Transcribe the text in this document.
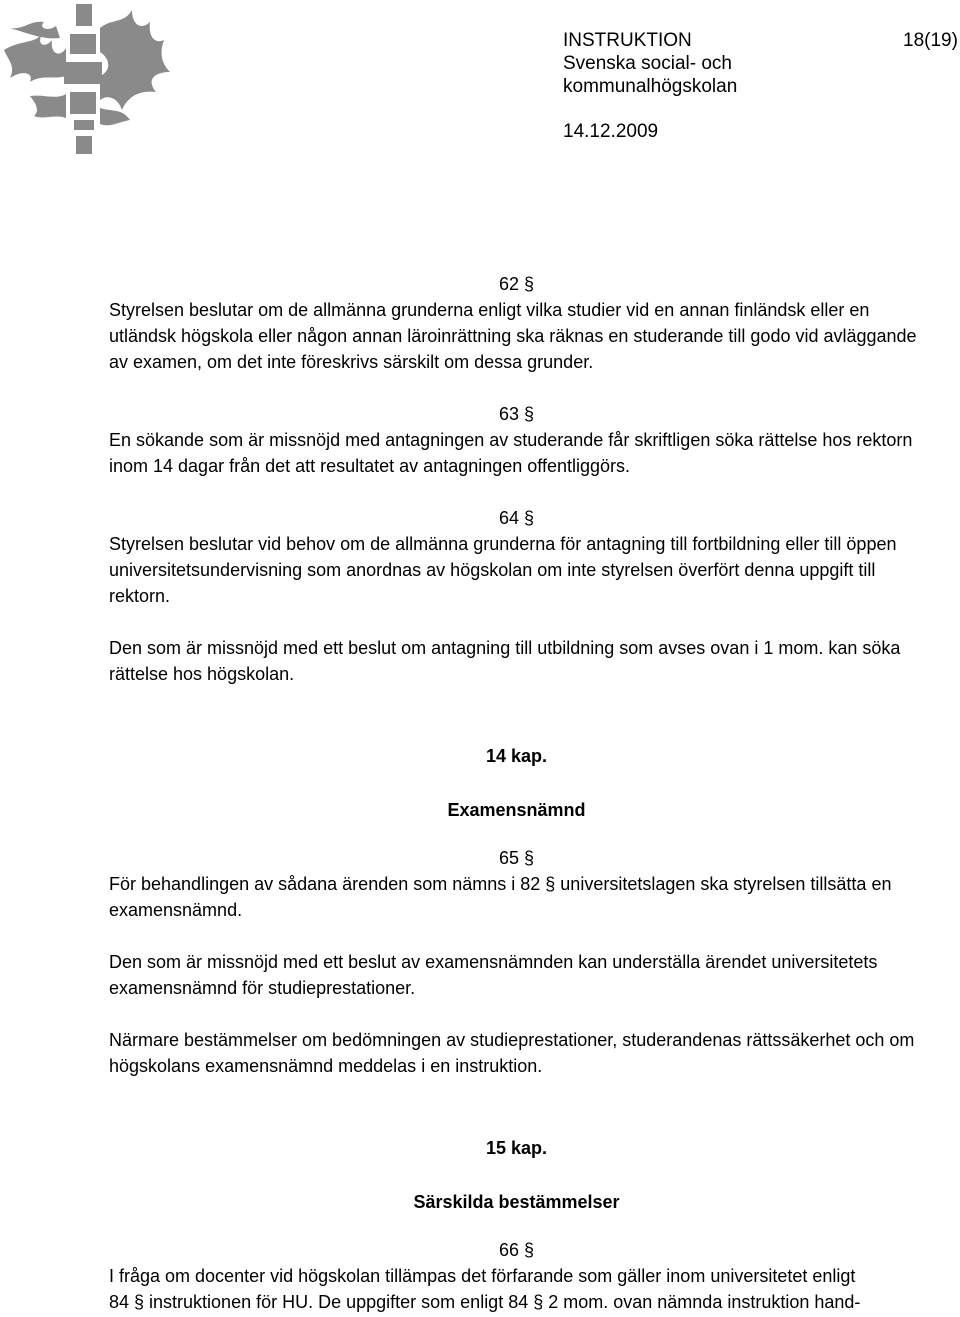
INSTRUKTION	18(19)
Svenska social- och
kommunalhögskolan
14.12.2009
62 §

Styrelsen beslutar om de allmänna grunderna enligt vilka studier vid en annan finländsk eller en utländsk högskola eller någon annan läroinrättning ska räknas en studerande till godo vid avläggande av examen, om det inte föreskrivs särskilt om dessa grunder.

63 §

En sökande som är missnöjd med antagningen av studerande får skriftligen söka rättelse hos rektorn inom 14 dagar från det att resultatet av antagningen offentliggörs.

64 §

Styrelsen beslutar vid behov om de allmänna grunderna för antagning till fortbildning eller till öppen universitetsundervisning som anordnas av högskolan om inte styrelsen överfört denna uppgift till rektorn.

Den som är missnöjd med ett beslut om antagning till utbildning som avses ovan i 1 mom. kan söka rättelse hos högskolan.

14 kap.
Examensnämnd
65 §

För behandlingen av sådana ärenden som nämns i 82 § universitetslagen ska styrelsen tillsätta en examensnämnd.

Den som är missnöjd med ett beslut av examensnämnden kan underställa ärendet universitetets examensnämnd för studieprestationer.

Närmare bestämmelser om bedömningen av studieprestationer, studerandenas rättssäkerhet och om högskolans examensnämnd meddelas i en instruktion.

15 kap.
Särskilda bestämmelser
66 §
I fråga om docenter vid högskolan tillämpas det förfarande som gäller inom universitetet enligt
84 § instruktionen för HU. De uppgifter som enligt 84 § 2 mom. ovan nämnda instruktion hand-
